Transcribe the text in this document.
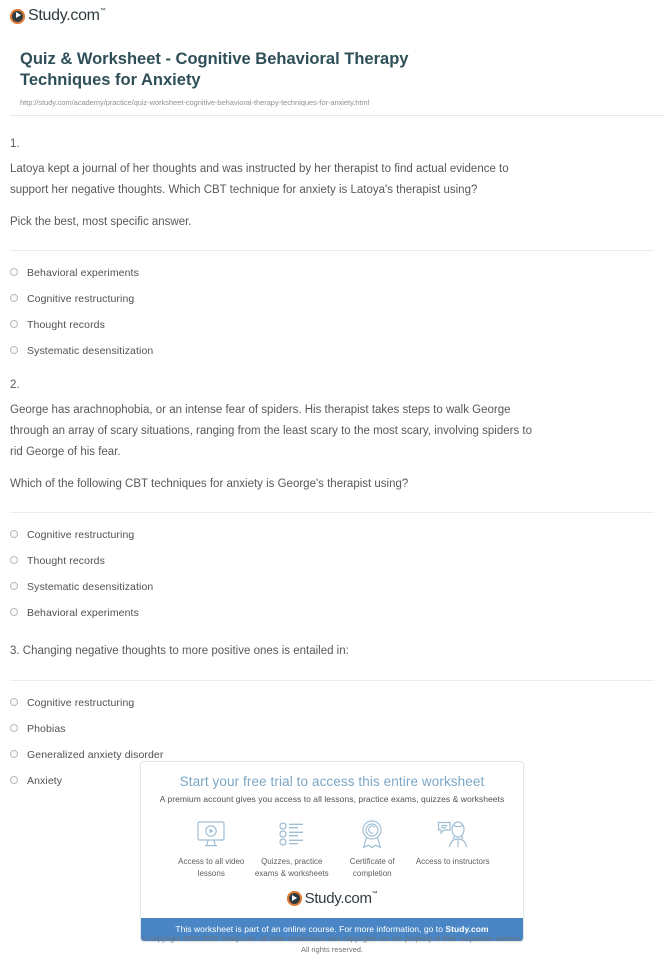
Study.com™
Quiz & Worksheet - Cognitive Behavioral Therapy Techniques for Anxiety
http://study.com/academy/practice/quiz-worksheet-cognitive-behavioral-therapy-techniques-for-anxiety.html
1.
Latoya kept a journal of her thoughts and was instructed by her therapist to find actual evidence to support her negative thoughts. Which CBT technique for anxiety is Latoya's therapist using?
Pick the best, most specific answer.
Behavioral experiments
Cognitive restructuring
Thought records
Systematic desensitization
2.
George has arachnophobia, or an intense fear of spiders. His therapist takes steps to walk George through an array of scary situations, ranging from the least scary to the most scary, involving spiders to rid George of his fear.
Which of the following CBT techniques for anxiety is George's therapist using?
Cognitive restructuring
Thought records
Systematic desensitization
Behavioral experiments
3. Changing negative thoughts to more positive ones is entailed in:
Cognitive restructuring
Phobias
Generalized anxiety disorder
Anxiety	Start your free trial to access this entire worksheet
A premium account gives you access to all lessons, practice exams, quizzes & worksheets
Access to all video lessons
Quizzes, practice exams & worksheets
Certificate of completion
Access to instructors
Study.com™
This worksheet is part of an online course. For more information, go to Study.com
© copyright 2003-2015 Study.com. All other trademarks and copyrights are the property of their respective owners.
All rights reserved.
